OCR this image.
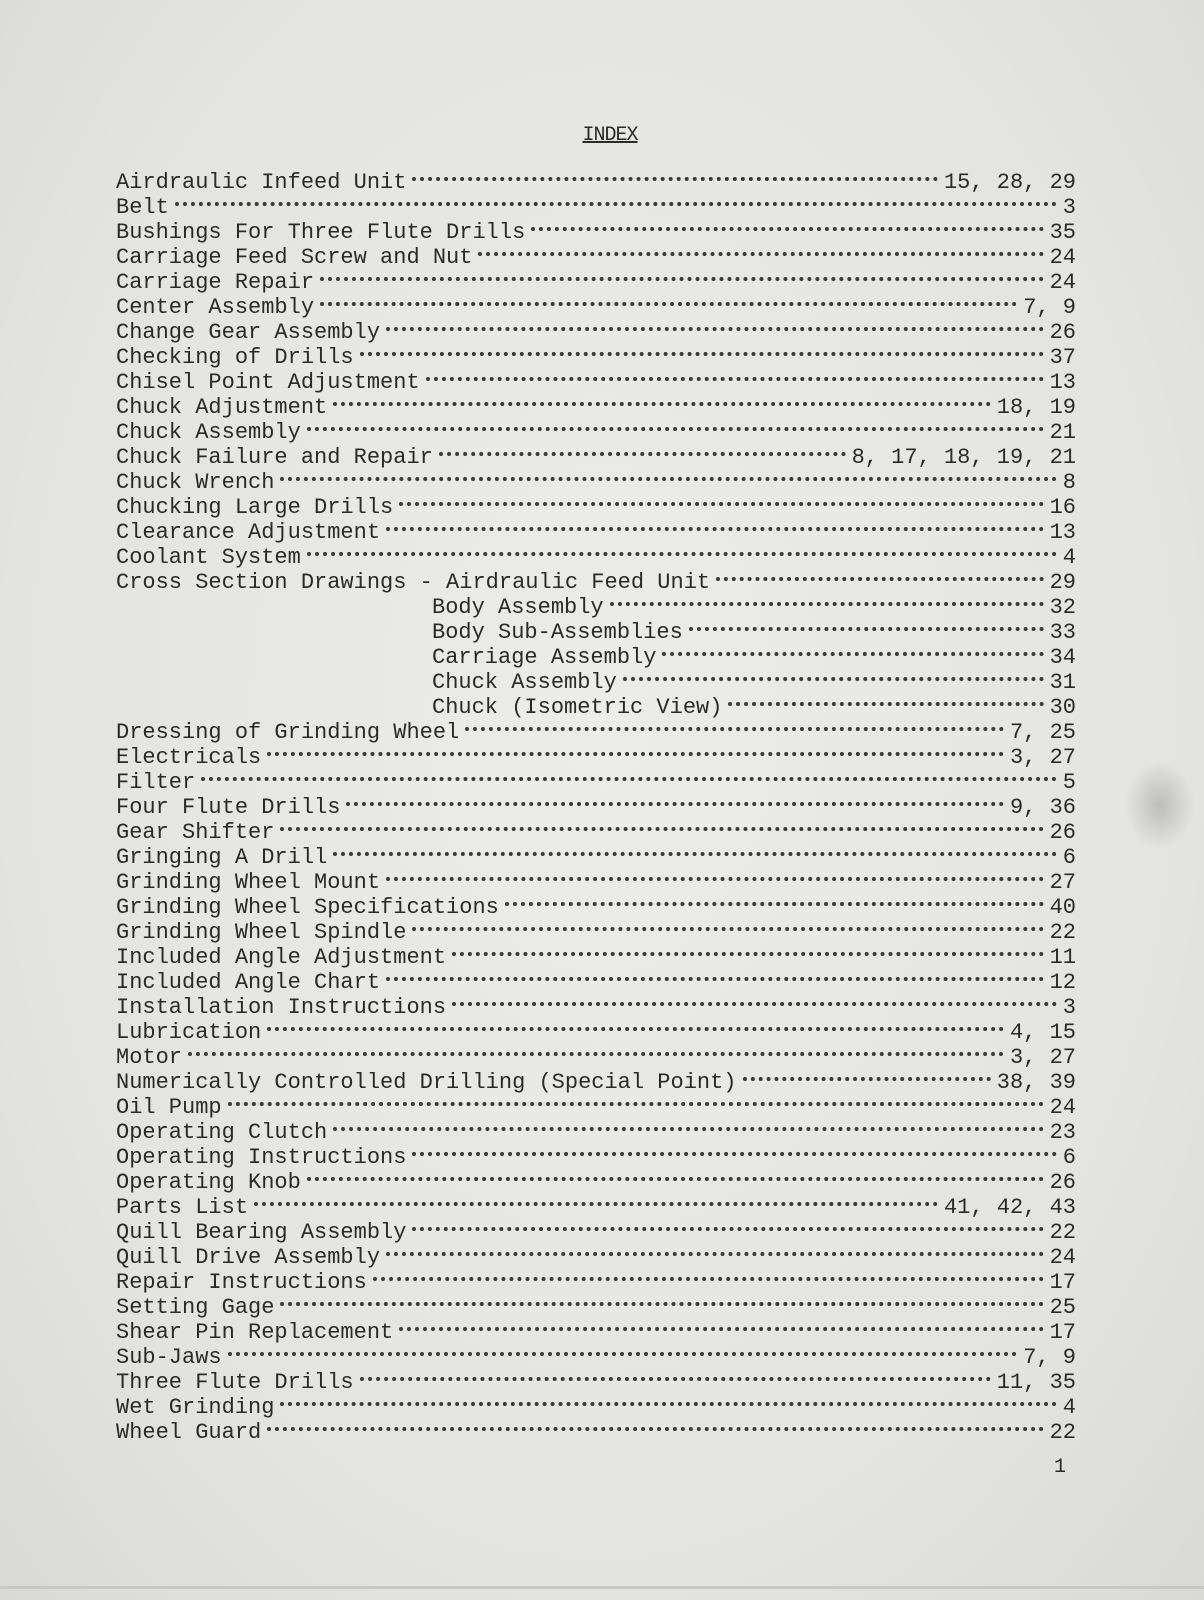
INDEX
Airdraulic Infeed Unit	15, 28, 29
Belt	3
Bushings For Three Flute Drills	35
Carriage Feed Screw and Nut	24
Carriage Repair	24
Center Assembly	7, 9
Change Gear Assembly	26
Checking of Drills	37
Chisel Point Adjustment	13
Chuck Adjustment	18, 19
Chuck Assembly	21
Chuck Failure and Repair	8, 17, 18, 19, 21
Chuck Wrench	8
Chucking Large Drills	16
Clearance Adjustment	13
Coolant System	4
Cross Section Drawings - Airdraulic Feed Unit	29
Body Assembly	32
Body Sub-Assemblies	33
Carriage Assembly	34
Chuck Assembly	31
Chuck (Isometric View)	30
Dressing of Grinding Wheel	7, 25
Electricals	3, 27
Filter	5
Four Flute Drills	9, 36
Gear Shifter	26
Gringing A Drill	6
Grinding Wheel Mount	27
Grinding Wheel Specifications	40
Grinding Wheel Spindle	22
Included Angle Adjustment	11
Included Angle Chart	12
Installation Instructions	3
Lubrication	4, 15
Motor	3, 27
Numerically Controlled Drilling (Special Point)	38, 39
Oil Pump	24
Operating Clutch	23
Operating Instructions	6
Operating Knob	26
Parts List	41, 42, 43
Quill Bearing Assembly	22
Quill Drive Assembly	24
Repair Instructions	17
Setting Gage	25
Shear Pin Replacement	17
Sub-Jaws	7, 9
Three Flute Drills	11, 35
Wet Grinding	4
Wheel Guard	22
1
